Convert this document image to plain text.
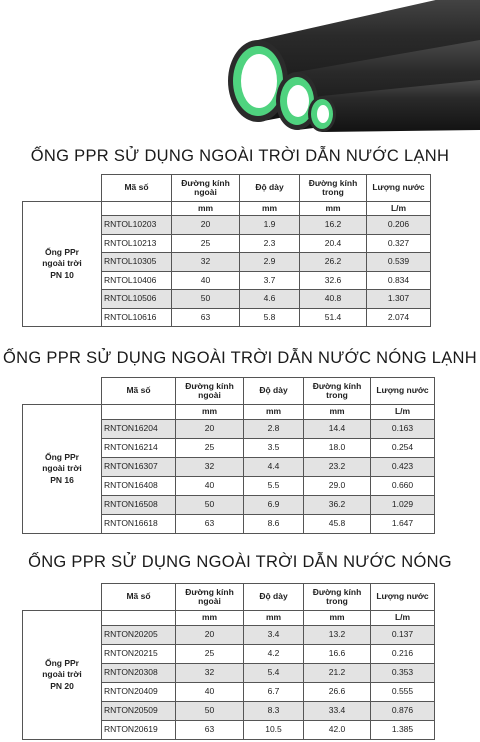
ỐNG PPR SỬ DỤNG NGOÀI TRỜI DẪN NƯỚC LẠNH
	Mã số	Đường kính ngoài	Độ dày	Đường kính trong	Lượng nước
Ống PPr
ngoài trời
PN 10		mm	mm	mm	L/m
	RNTOL10203	20	1.9	16.2	0.206
	RNTOL10213	25	2.3	20.4	0.327
	RNTOL10305	32	2.9	26.2	0.539
	RNTOL10406	40	3.7	32.6	0.834
	RNTOL10506	50	4.6	40.8	1.307
	RNTOL10616	63	5.8	51.4	2.074
ỐNG PPR SỬ DỤNG NGOÀI TRỜI DẪN NƯỚC NÓNG LẠNH
	Mã số	Đường kính ngoài	Độ dày	Đường kính trong	Lượng nước
Ống PPr
ngoài trời
PN 16		mm	mm	mm	L/m
	RNTON16204	20	2.8	14.4	0.163
	RNTON16214	25	3.5	18.0	0.254
	RNTON16307	32	4.4	23.2	0.423
	RNTON16408	40	5.5	29.0	0.660
	RNTON16508	50	6.9	36.2	1.029
	RNTON16618	63	8.6	45.8	1.647
ỐNG PPR SỬ DỤNG NGOÀI TRỜI DẪN NƯỚC NÓNG
	Mã số	Đường kính ngoài	Độ dày	Đường kính trong	Lượng nước
Ống PPr
ngoài trời
PN 20		mm	mm	mm	L/m
	RNTON20205	20	3.4	13.2	0.137
	RNTON20215	25	4.2	16.6	0.216
	RNTON20308	32	5.4	21.2	0.353
	RNTON20409	40	6.7	26.6	0.555
	RNTON20509	50	8.3	33.4	0.876
	RNTON20619	63	10.5	42.0	1.385
